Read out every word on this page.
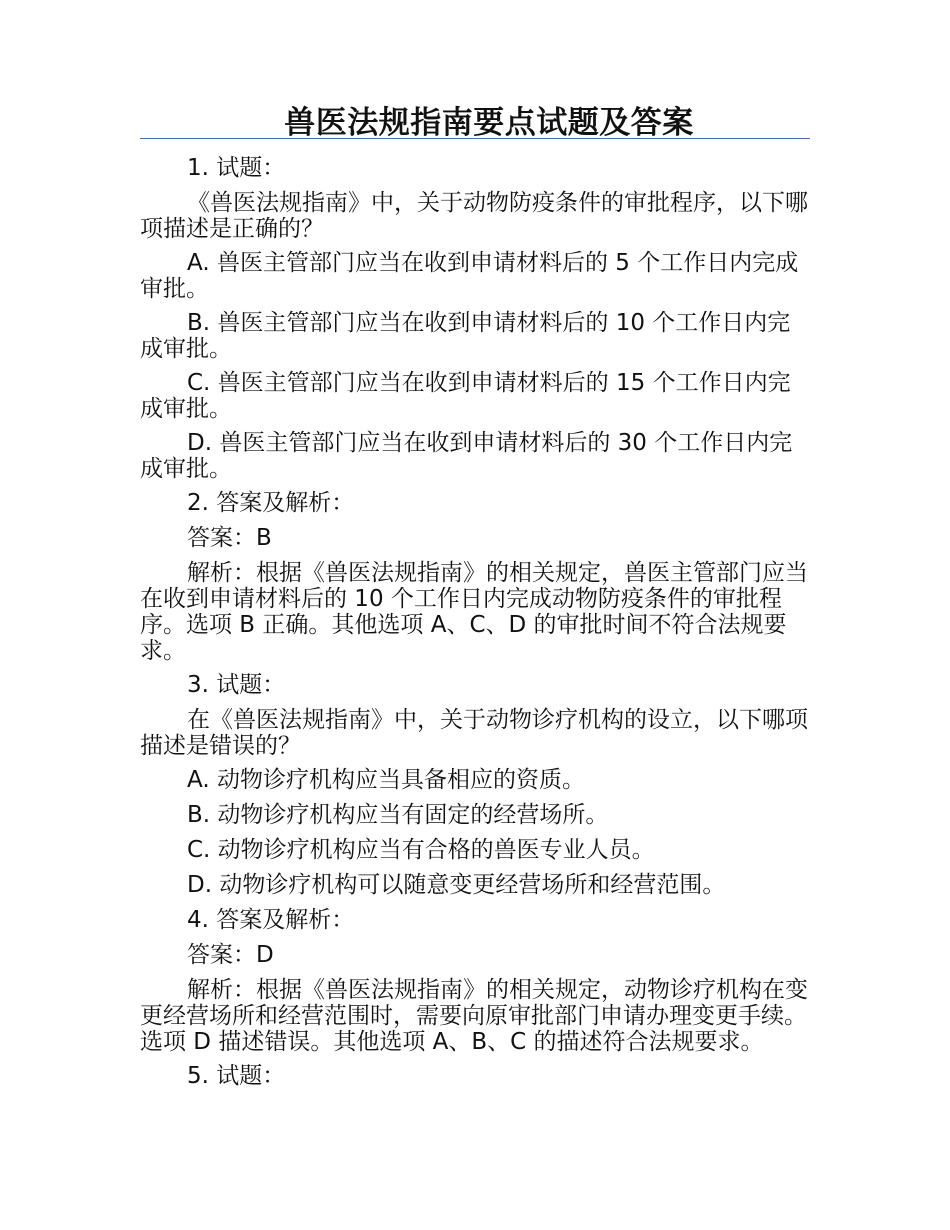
兽医法规指南要点试题及答案

1. 试题：

《兽医法规指南》中，关于动物防疫条件的审批程序，以下哪项描述是正确的？

A. 兽医主管部门应当在收到申请材料后的 5 个工作日内完成审批。

B. 兽医主管部门应当在收到申请材料后的 10 个工作日内完成审批。

C. 兽医主管部门应当在收到申请材料后的 15 个工作日内完成审批。

D. 兽医主管部门应当在收到申请材料后的 30 个工作日内完成审批。

2. 答案及解析：

答案：B

解析：根据《兽医法规指南》的相关规定，兽医主管部门应当在收到申请材料后的 10 个工作日内完成动物防疫条件的审批程序。选项 B 正确。其他选项 A、C、D 的审批时间不符合法规要求。

3. 试题：

在《兽医法规指南》中，关于动物诊疗机构的设立，以下哪项描述是错误的？

A. 动物诊疗机构应当具备相应的资质。

B. 动物诊疗机构应当有固定的经营场所。

C. 动物诊疗机构应当有合格的兽医专业人员。

D. 动物诊疗机构可以随意变更经营场所和经营范围。

4. 答案及解析：

答案：D

解析：根据《兽医法规指南》的相关规定，动物诊疗机构在变更经营场所和经营范围时，需要向原审批部门申请办理变更手续。选项 D 描述错误。其他选项 A、B、C 的描述符合法规要求。

5. 试题：
